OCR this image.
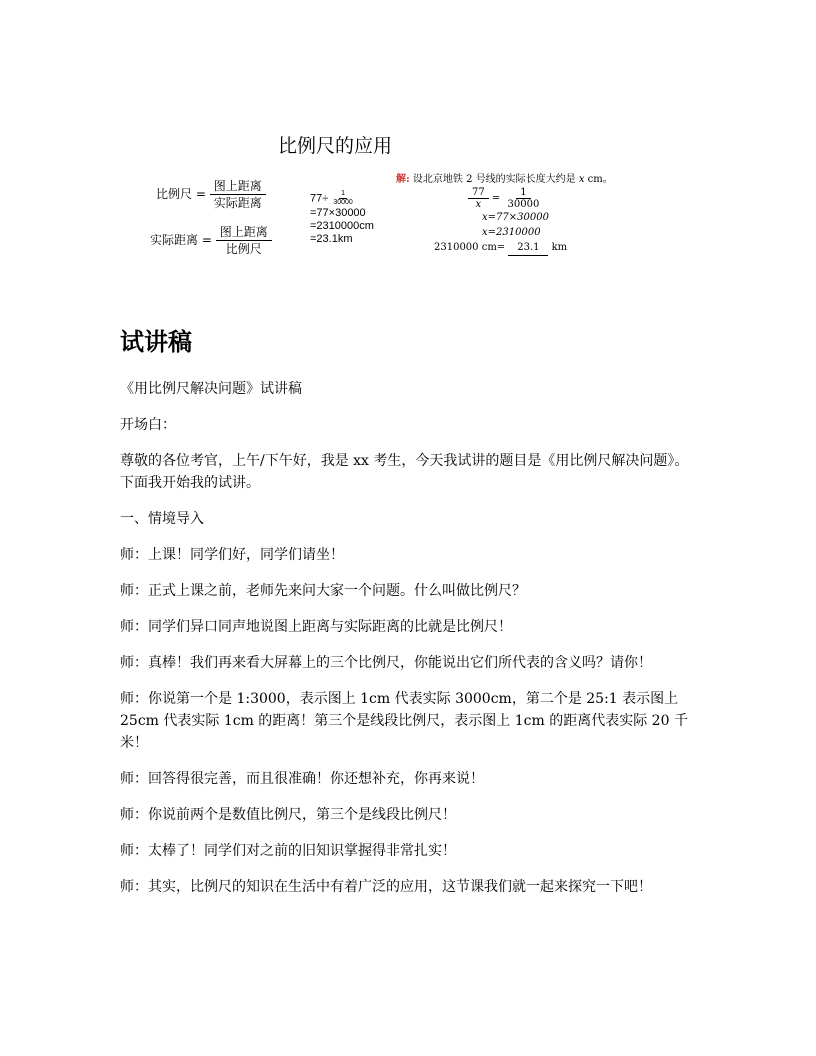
比例尺的应用
比例尺 = $\frac{\text{图上距离}}{\text{实际距离}}$
实际距离 = $\frac{\text{图上距离}}{\text{比例尺}}$
$77\div \frac{1}{30000}$
=77×30000
=2310000cm
=23.1km
解: 设北京地铁 2 号线的实际长度大约是 x cm。
$\frac{77}{x} = \frac{1}{30000}$
x=77×30000
x=2310000
2310000 cm= 23.1 km
试讲稿

《用比例尺解决问题》试讲稿

开场白：

尊敬的各位考官，上午/下午好，我是 xx 考生，今天我试讲的题目是《用比例尺解决问题》。下面我开始我的试讲。

一、情境导入

师：上课！同学们好，同学们请坐！

师：正式上课之前，老师先来问大家一个问题。什么叫做比例尺？

师：同学们异口同声地说图上距离与实际距离的比就是比例尺！

师：真棒！我们再来看大屏幕上的三个比例尺，你能说出它们所代表的含义吗？请你！

师：你说第一个是 1:3000，表示图上 1cm 代表实际 3000cm，第二个是 25:1 表示图上 25cm 代表实际 1cm 的距离！第三个是线段比例尺，表示图上 1cm 的距离代表实际 20 千米！

师：回答得很完善，而且很准确！你还想补充，你再来说！

师：你说前两个是数值比例尺，第三个是线段比例尺！

师：太棒了！同学们对之前的旧知识掌握得非常扎实！

师：其实，比例尺的知识在生活中有着广泛的应用，这节课我们就一起来探究一下吧！
